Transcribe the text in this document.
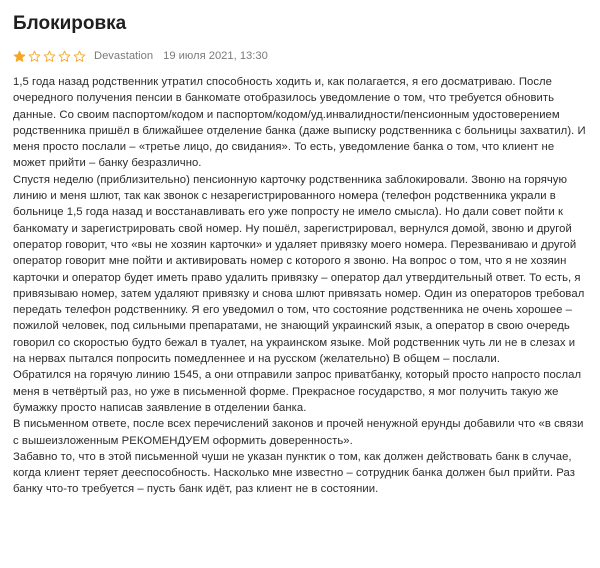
Блокировка
Devastation 19 июля 2021, 13:30

1,5 года назад родственник утратил способность ходить и, как полагается, я его досматриваю. После очередного получения пенсии в банкомате отобразилось уведомление о том, что требуется обновить данные. Со своим паспортом/кодом и паспортом/кодом/уд.инвалидности/пенсионным удостоверением родственника пришёл в ближайшее отделение банка (даже выписку родственника с больницы захватил). И меня просто послали – «третье лицо, до свидания». То есть, уведомление банка о том, что клиент не может прийти – банку безразлично.

Спустя неделю (приблизительно) пенсионную карточку родственника заблокировали. Звоню на горячую линию и меня шлют, так как звонок с незарегистрированного номера (телефон родственника украли в больнице 1,5 года назад и восстанавливать его уже попросту не имело смысла). Но дали совет пойти к банкомату и зарегистрировать свой номер. Ну пошёл, зарегистрировал, вернулся домой, звоню и другой оператор говорит, что «вы не хозяин карточки» и удаляет привязку моего номера. Перезваниваю и другой оператор говорит мне пойти и активировать номер с которого я звоню. На вопрос о том, что я не хозяин карточки и оператор будет иметь право удалить привязку – оператор дал утвердительный ответ. То есть, я привязываю номер, затем удаляют привязку и снова шлют привязать номер. Один из операторов требовал передать телефон родственнику. Я его уведомил о том, что состояние родственника не очень хорошее – пожилой человек, под сильными препаратами, не знающий украинский язык, а оператор в свою очередь говорил со скоростью будто бежал в туалет, на украинском языке. Мой родственник чуть ли не в слезах и на нервах пытался попросить помедленнее и на русском (желательно) В общем – послали.

Обратился на горячую линию 1545, а они отправили запрос приватбанку, который просто напросто послал меня в четвёртый раз, но уже в письменной форме. Прекрасное государство, я мог получить такую же бумажку просто написав заявление в отделении банка.

В письменном ответе, после всех перечислений законов и прочей ненужной ерунды добавили что «в связи с вышеизложенным РЕКОМЕНДУЕМ оформить доверенность».

Забавно то, что в этой письменной чуши не указан пунктик о том, как должен действовать банк в случае, когда клиент теряет дееспособность. Насколько мне известно – сотрудник банка должен был прийти. Раз банку что-то требуется – пусть банк идёт, раз клиент не в состоянии.
